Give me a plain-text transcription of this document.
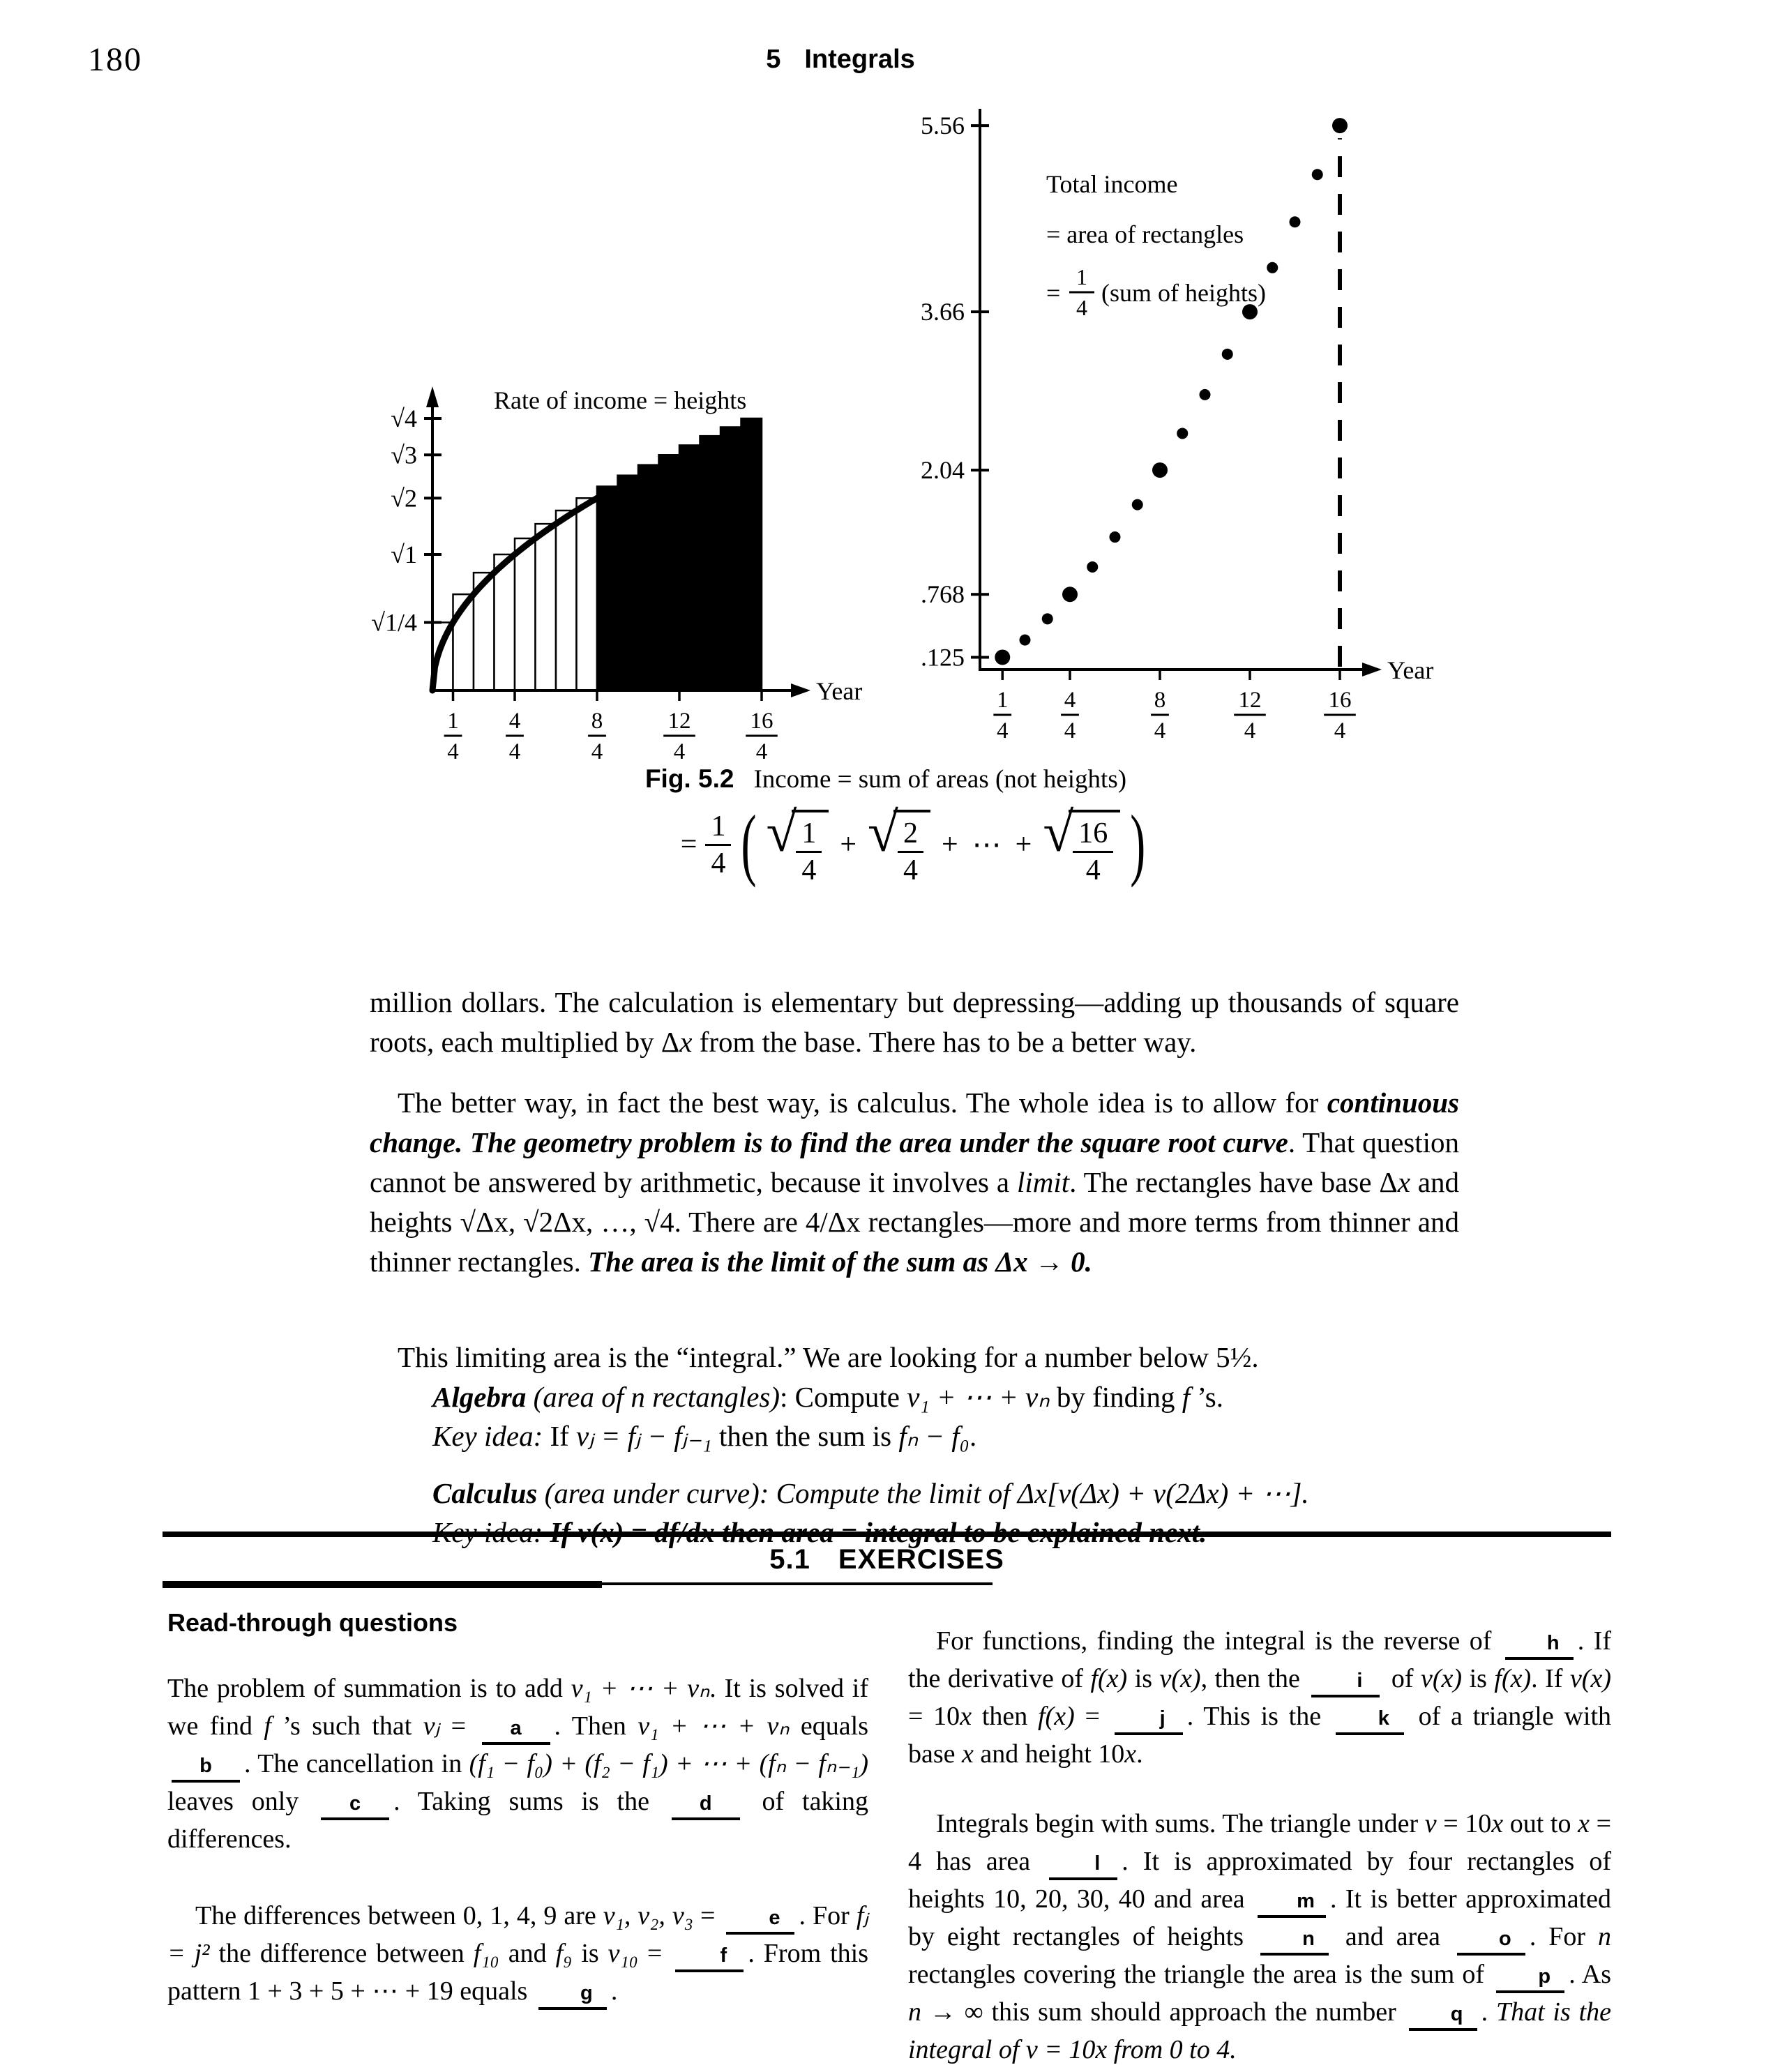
180	5 Integrals
√4
√3
√2
√1
√1/4
1
4
4
4
8
4
12
4
16
4
Rate of income = heights
Year
5.56
3.66
2.04
.768
.125
1
4
4
4
8
4
12
4
16
4
Total income
= area of rectangles
=
1
4
(sum of heights)
Year
Fig. 5.2 Income = sum of areas (not heights)
= $\frac{1}{4}$ ( √ $\frac{1}{4}$ + √ $\frac{2}{4}$ + ⋯ + √ $\frac{16}{4}$ )

million dollars. The calculation is elementary but depressing—adding up thousands of square roots, each multiplied by Δx from the base. There has to be a better way.

The better way, in fact the best way, is calculus. The whole idea is to allow for continuous change. The geometry problem is to find the area under the square root curve. That question cannot be answered by arithmetic, because it involves a limit. The rectangles have base Δx and heights √Δx, √2Δx, …, √4. There are 4/Δx rectangles—more and more terms from thinner and thinner rectangles. The area is the limit of the sum as Δx → 0.

This limiting area is the “integral.” We are looking for a number below 5½.

Algebra (area of n rectangles): Compute v₁ + ⋯ + vₙ by finding f ’s.

Key idea: If vⱼ = fⱼ − fⱼ₋₁ then the sum is fₙ − f₀.

Calculus (area under curve): Compute the limit of Δx[v(Δx) + v(2Δx) + ⋯].

5.1 EXERCISES
Read-through questions

The problem of summation is to add v₁ + ⋯ + vₙ. It is solved if we find f ’s such that vⱼ = a . Then v₁ + ⋯ + vₙ equals b . The cancellation in (f₁ − f₀) + (f₂ − f₁) + ⋯ + (fₙ − fₙ₋₁) leaves only c . Taking sums is the d of taking differences.

The differences between 0, 1, 4, 9 are v₁, v₂, v₃ = e . For fⱼ = j² the difference between f₁₀ and f₉ is v₁₀ = f . From this pattern 1 + 3 + 5 + ⋯ + 19 equals g .

For functions, finding the integral is the reverse of h . If the derivative of f(x) is v(x), then the i of v(x) is f(x). If v(x) = 10x then f(x) = j . This is the k of a triangle with base x and height 10x.

Integrals begin with sums. The triangle under v = 10x out to x = 4 has area l . It is approximated by four rectangles of heights 10, 20, 30, 40 and area m . It is better approximated by eight rectangles of heights n and area o . For n rectangles covering the triangle the area is the sum of p . As n → ∞ this sum should approach the number q . That is the integral of v = 10x from 0 to 4.
